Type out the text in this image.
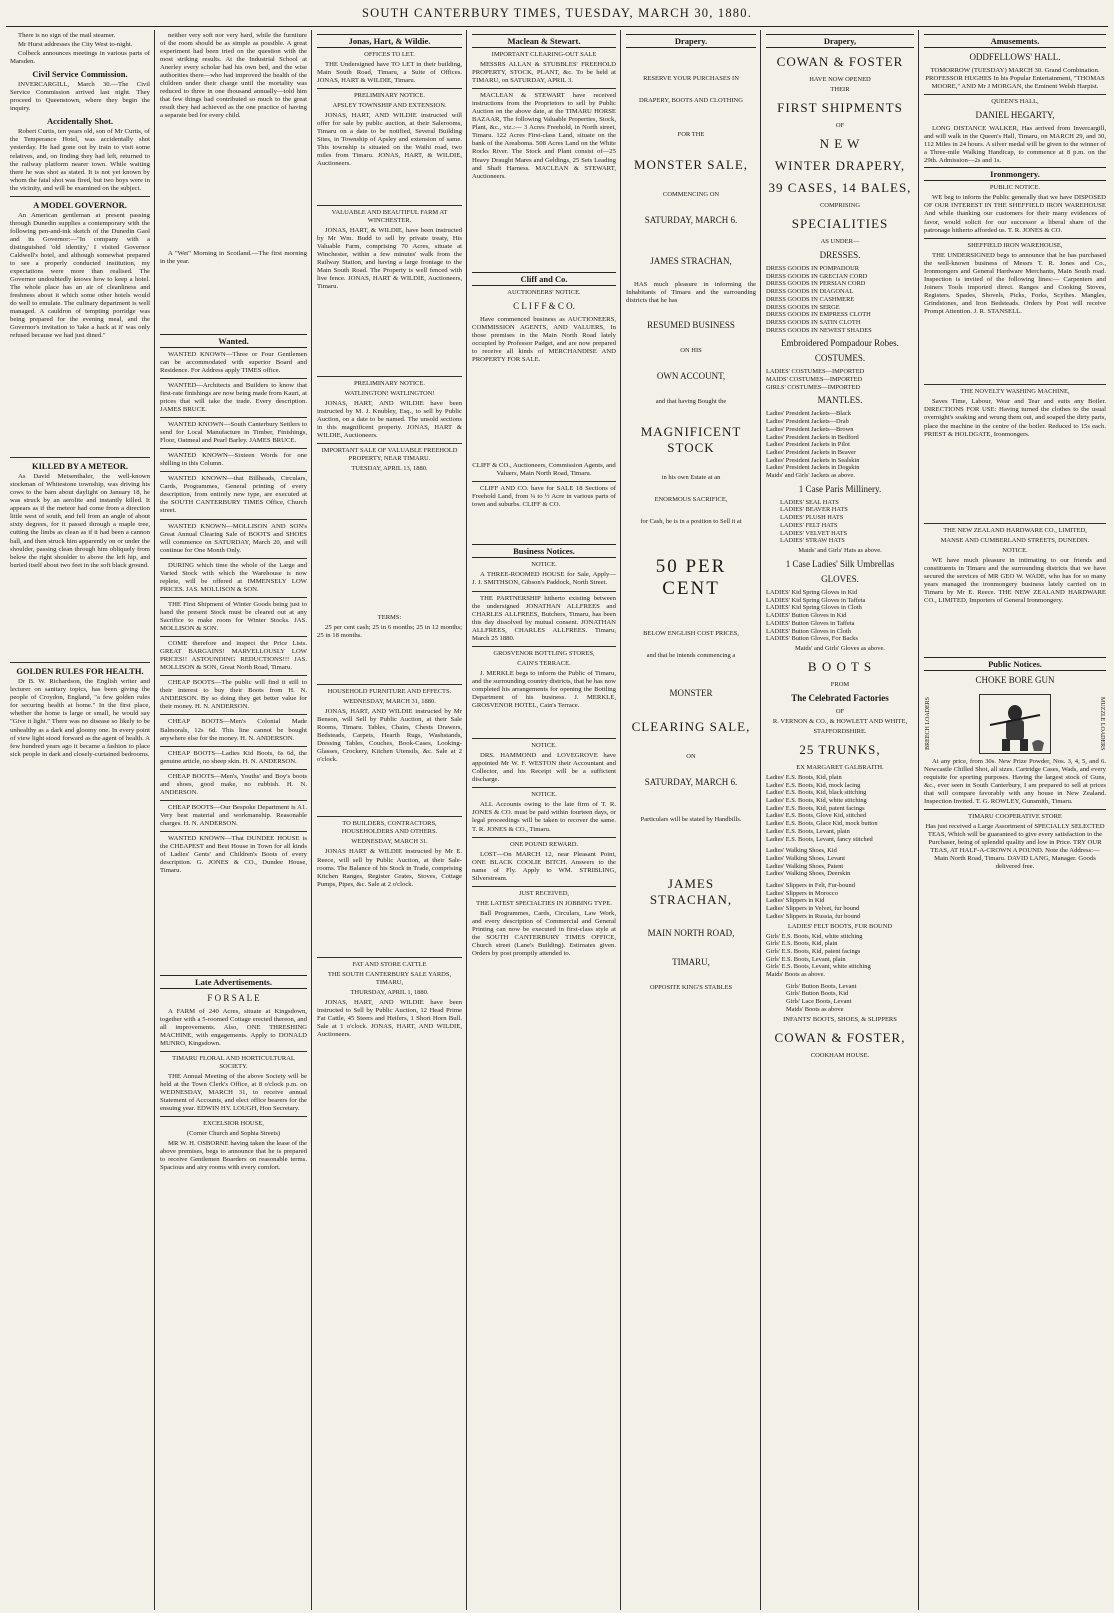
SOUTH CANTERBURY TIMES, TUESDAY, MARCH 30, 1880.

There is no sign of the mail steamer.

Mr Hurst addresses the City West to-night.

Colbeck announces meetings in various parts of Marsden.

Civil Service Commission.

INVERCARGILL, March 30.—The Civil Service Commission arrived last night. They proceed to Queenstown, where they begin the inquiry.

Accidentally Shot.

Robert Curtis, ten years old, son of Mr Curtis, of the Temperance Hotel, was accidentally shot yesterday. He had gone out by train to visit some relatives, and, on finding they had left, returned to the railway platform nearer town. While waiting there he was shot as stated. It is not yet known by whom the fatal shot was fired, but two boys were in the vicinity, and will be examined on the subject.

A MODEL GOVERNOR.

An American gentleman at present passing through Dunedin supplies a contemporary with the following pen-and-ink sketch of the Dunedin Gaol and its Governor:—"In company with a distinguished 'old identity,' I visited Governor Caldwell's hotel, and although somewhat prepared to see a properly conducted institution, my expectations were more than realised. The Governor undoubtedly knows how to keep a hotel. The whole place has an air of cleanliness and freshness about it which some other hotels would do well to emulate. The culinary department is well managed. A cauldron of tempting porridge was being prepared for the evening meal, and the Governor's invitation to 'take a hack at it' was only refused because we had just dined."

KILLED BY A METEOR.

As David Meisenthaler, the well-known stockman of Whitestone township, was driving his cows to the barn about daylight on January 18, he was struck by an aerolite and instantly killed. It appears as if the meteor had come from a direction little west of south, and fell from an angle of about sixty degrees, for it passed through a maple tree, cutting the limbs as clean as if it had been a cannon ball, and then struck him apparently on or under the shoulder, passing clean through him obliquely from below the right shoulder to above the left hip, and buried itself about two feet in the soft black ground.

GOLDEN RULES FOR HEALTH.

Dr B. W. Richardson, the English writer and lecturer on sanitary topics, has been giving the people of Croydon, England, "a few golden rules for securing health at home." In the first place, whether the home is large or small, he would say "Give it light." There was no disease so likely to be unhealthy as a dark and gloomy one. In every point of view light stood forward as the agent of health. A few hundred years ago it became a fashion to place sick people in dark and closely-curtained bedrooms.

neither very soft nor very hard, while the furniture of the room should be as simple as possible. A great experiment had been tried on the question with the most striking results. At the Industrial School at Anerley every scholar had his own bed, and the wise authorities there—who had improved the health of the children under their charge until the mortality was reduced to three in one thousand annually—told him that few things had contributed so much to the great result they had achieved as the one practice of having a separate bed for every child.

A "Wet" Morning in Scotland.—The first morning in the year.

Wanted.

WANTED KNOWN—Three or Four Gentlemen can be accommodated with superior Board and Residence. For Address apply TIMES office.

WANTED—Architects and Builders to know that first-rate finishings are now being made from Kauri, at prices that will take the trade. Every description. JAMES BRUCE.

WANTED KNOWN—South Canterbury Settlers to send for Local Manufacture in Timber, Finishings, Floor, Oatmeal and Pearl Barley. JAMES BRUCE.

WANTED KNOWN—Sixteen Words for one shilling in this Column.

WANTED KNOWN—that Billheads, Circulars, Cards, Programmes, General printing of every description, from entirely new type, are executed at the SOUTH CANTERBURY TIMES Office, Church street.

WANTED KNOWN—MOLLISON AND SON's Great Annual Clearing Sale of BOOTS and SHOES will commence on SATURDAY, March 20, and will continue for One Month Only.

DURING which time the whole of the Large and Varied Stock with which the Warehouse is now replete, will be offered at IMMENSELY LOW PRICES. JAS. MOLLISON & SON.

THE First Shipment of Winter Goods being just to hand the present Stock must be cleared out at any Sacrifice to make room for Winter Stocks. JAS. MOLLISON & SON.

COME therefore and inspect the Price Lists. GREAT BARGAINS! MARVELLOUSLY LOW PRICES!! ASTOUNDING REDUCTIONS!!! JAS. MOLLISON & SON, Great North Road, Timaru.

CHEAP BOOTS—The public will find it still to their interest to buy their Boots from H. N. ANDERSON. By so doing they get better value for their money. H. N. ANDERSON.

CHEAP BOOTS—Men's Colonial Made Balmorals, 12s 6d. This line cannot be bought anywhere else for the money. H. N. ANDERSON.

CHEAP BOOTS—Ladies Kid Boots, 6s 6d, the genuine article, no sheep skin. H. N. ANDERSON.

CHEAP BOOTS—Men's, Youths' and Boy's boots and shoes, good make, no rubbish. H. N. ANDERSON.

CHEAP BOOTS—Our Bespoke Department is A1. Very best material and workmanship. Reasonable charges. H. N. ANDERSON.

WANTED KNOWN—That DUNDEE HOUSE is the CHEAPEST and Best House in Town for all kinds of Ladies' Gents' and Children's Boots of every description. G. JONES & CO., Dundee House, Timaru.

Late Advertisements.
F O R S A L E

A FARM of 240 Acres, situate at Kingsdown, together with a 5-roomed Cottage erected thereon, and all improvements. Also, ONE THRESHING MACHINE, with engagements. Apply to DONALD MUNRO, Kingsdown.

TIMARU FLORAL AND HORTICULTURAL SOCIETY.

THE Annual Meeting of the above Society will be held at the Town Clerk's Office, at 8 o'clock p.m. on WEDNESDAY, MARCH 31, to receive annual Statement of Accounts, and elect office bearers for the ensuing year. EDWIN HY. LOUGH, Hon Secretary.

EXCELSIOR HOUSE,
(Corner Church and Sophia Streets)

MR W. H. OSBORNE having taken the lease of the above premises, begs to announce that he is prepared to receive Gentlemen Boarders on reasonable terms. Spacious and airy rooms with every comfort.

Jonas, Hart, & Wildie.
OFFICES TO LET.

THE Undersigned have TO LET in their building, Main South Road, Timaru, a Suite of Offices. JONAS, HART & WILDIE, Timaru.

PRELIMINARY NOTICE.
APSLEY TOWNSHIP AND EXTENSION.

JONAS, HART, AND WILDIE instructed will offer for sale by public auction, at their Salerooms, Timaru on a date to be notified, Several Building Sites, in Township of Apsley and extension of same. This township is situated on the Waihi road, two miles from Timaru. JONAS, HART, & WILDIE, Auctioneers.

VALUABLE AND BEAUTIFUL FARM AT WINCHESTER.

JONAS, HART, & WILDIE, have been instructed by Mr Wm. Budd to sell by private treaty, His Valuable Farm, comprising 70 Acres, situate at Winchester, within a few minutes' walk from the Railway Station, and having a large frontage to the Main South Road. The Property is well fenced with live fence. JONAS, HART & WILDIE, Auctioneers, Timaru.

PRELIMINARY NOTICE.
WATLINGTON! WATLINGTON!

JONAS, HART, AND WILDIE have been instructed by M. J. Knubley, Esq., to sell by Public Auction, on a date to be named. The unsold sections in this magnificent property. JONAS, HART & WILDIE, Auctioneers.

IMPORTANT SALE OF VALUABLE FREEHOLD PROPERTY, NEAR TIMARU.
TUESDAY, APRIL 13, 1880.
TERMS:

25 per cent cash; 25 in 6 months; 25 in 12 months; 25 in 18 months.

HOUSEHOLD FURNITURE AND EFFECTS.
WEDNESDAY, MARCH 31, 1880.

JONAS, HART, AND WILDIE instructed by Mr Benson, will Sell by Public Auction, at their Sale Rooms, Timaru. Tables, Chairs, Chests Drawers, Bedsteads, Carpets, Hearth Rugs, Washstands, Dressing Tables, Couches, Book-Cases, Looking-Glasses, Crockery, Kitchen Utensils, &c. Sale at 2 o'clock.

TO BUILDERS, CONTRACTORS, HOUSEHOLDERS AND OTHERS.
WEDNESDAY, MARCH 31.

JONAS HART & WILDIE instructed by Mr E. Reece, will sell by Public Auction, at their Sale-rooms. The Balance of his Stock in Trade, comprising Kitchen Ranges, Register Grates, Stoves, Cottage Pumps, Pipes, &c. Sale at 2 o'clock.

FAT AND STORE CATTLE
THE SOUTH CANTERBURY SALE YARDS, TIMARU,
THURSDAY, APRIL 1, 1880.

JONAS, HART, AND WILDIE have been instructed to Sell by Public Auction, 12 Head Prime Fat Cattle, 45 Steers and Heifers, 1 Short Horn Bull. Sale at 1 o'clock. JONAS, HART, AND WILDIE, Auctioneers.

Maclean & Stewart.
IMPORTANT CLEARING-OUT SALE

MESSRS ALLAN & STUBBLES' FREEHOLD PROPERTY, STOCK, PLANT, &c. To be held at TIMARU, on SATURDAY, APRIL 3.

MACLEAN & STEWART have received instructions from the Proprietors to sell by Public Auction on the above date, at the TIMARU HORSE BAZAAR, The following Valuable Properties, Stock, Plant, &c., viz.:— 3 Acres Freehold, in North street, Timaru. 122 Acres First-class Land, situate on the bank of the Areaboma. 508 Acres Land on the White Rocks River. The Stock and Plant consist of—25 Heavy Draught Mares and Geldings, 25 Sets Leading and Shaft Harness. MACLEAN & STEWART, Auctioneers.

Cliff and Co.
AUCTIONEERS' NOTICE.
C L I F F & C O.

Have commenced business as AUCTIONEERS, COMMISSION AGENTS, AND VALUERS, In those premises in the Main North Road lately occupied by Professor Padget, and are now prepared to receive all kinds of MERCHANDISE AND PROPERTY FOR SALE.

CLIFF & CO., Auctioneers, Commission Agents, and Valuers, Main North Road, Timaru.

CLIFF AND CO. have for SALE 18 Sections of Freehold Land, from ¼ to ½ Acre in various parts of town and suburbs. CLIFF & CO.

Business Notices.
NOTICE.

A THREE-ROOMED HOUSE for Sale, Apply— J. J. SMITHSON, Gibson's Paddock, North Street.

THE PARTNERSHIP hitherto existing between the undersigned JONATHAN ALLFREES and CHARLES ALLFREES, Butchers, Timaru, has been this day dissolved by mutual consent. JONATHAN ALLFREES, CHARLES ALLFREES. Timaru, March 25 1880.

GROSVENOR BOTTLING STORES,
CAIN'S TERRACE.

J. MERKLE begs to inform the Public of Timaru, and the surrounding country districts, that he has now completed his arrangements for opening the Bottling Department of his business. J. MERKLE, GROSVENOR HOTEL, Cain's Terrace.

NOTICE.

DRS. HAMMOND and LOVEGROVE have appointed Mr W. F. WESTON their Accountant and Collector, and his Receipt will be a sufficient discharge.

NOTICE.

ALL Accounts owing to the late firm of T. R. JONES & CO. must be paid within fourteen days, or legal proceedings will be taken to recover the same. T. R. JONES & CO., Timaru.

ONE POUND REWARD.

LOST—On MARCH 12, near Pleasant Point, ONE BLACK COOLIE BITCH. Answers to the name of Fly. Apply to WM. STRIBLING, Silverstream.

JUST RECEIVED,
THE LATEST SPECIALTIES IN JOBBING TYPE.

Ball Programmes, Cards, Circulars, Law Work, and every description of Commercial and General Printing can now be executed in first-class style at the SOUTH CANTERBURY TIMES OFFICE, Church street (Lane's Building). Estimates given. Orders by post promptly attended to.

Drapery.
RESERVE YOUR PURCHASES IN
DRAPERY, BOOTS AND CLOTHING
FOR THE
MONSTER SALE,
COMMENCING ON
SATURDAY, MARCH 6.
JAMES STRACHAN,

HAS much pleasure in informing the Inhabitants of Timaru and the surrounding districts that he has

RESUMED BUSINESS
ON HIS
OWN ACCOUNT,
and that having Bought the
MAGNIFICENT STOCK
in his own Estate at an
ENORMOUS SACRIFICE,
for Cash, he is in a position to Sell it at
50 PER CENT
BELOW ENGLISH COST PRICES,
and that he intends commencing a
MONSTER
CLEARING SALE,
ON
SATURDAY, MARCH 6.
Particulars will be stated by Handbills.
JAMES STRACHAN,
MAIN NORTH ROAD,
TIMARU,
OPPOSITE KING'S STABLES
Drapery,
COWAN & FOSTER
HAVE NOW OPENED
THEIR
FIRST SHIPMENTS
OF
N E W
WINTER DRAPERY,
39 CASES, 14 BALES,
COMPRISING
SPECIALITIES
AS UNDER—
DRESSES.
DRESS GOODS IN POMPADOUR
DRESS GOODS IN GRECIAN CORD
DRESS GOODS IN PERSIAN CORD
DRESS GOODS IN DIAGONAL
DRESS GOODS IN CASHMERE
DRESS GOODS IN SERGE
DRESS GOODS IN EMPRESS CLOTH
DRESS GOODS IN SATIN CLOTH
DRESS GOODS IN NEWEST SHADES
Embroidered Pompadour Robes.
COSTUMES.
LADIES' COSTUMES—IMPORTED
MAIDS' COSTUMES—IMPORTED
GIRLS' COSTUMES—IMPORTED
MANTLES.
Ladies' President Jackets—Black
Ladies' President Jackets—Drab
Ladies' President Jackets—Brown
Ladies' President Jackets in Bedford
Ladies' President Jackets in Pilot
Ladies' President Jackets in Beaver
Ladies' President Jackets in Sealskin
Ladies' President Jackets in Dogskin
Maids' and Girls' Jackets as above.
1 Case Paris Millinery.
LADIES' SEAL HATS
LADIES' BEAVER HATS
LADIES' PLUSH HATS
LADIES' FELT HATS
LADIES' VELVET HATS
LADIES' STRAW HATS
Maids' and Girls' Hats as above.
1 Case Ladies' Silk Umbrellas
GLOVES.
LADIES' Kid Spring Gloves in Kid
LADIES' Kid Spring Gloves in Taffeta
LADIES' Kid Spring Gloves in Cloth
LADIES' Button Gloves in Kid
LADIES' Button Gloves in Taffeta
LADIES' Button Gloves in Cloth
LADIES' Button Gloves, For Backs
Maids' and Girls' Gloves as above.
B O O T S
FROM
The Celebrated Factories
OF
R. VERNON & CO., & HOWLETT AND WHITE,
STAFFORDSHIRE.
25 TRUNKS,
EX MARGARET GALBRAITH.
Ladies' E.S. Boots, Kid, plain
Ladies' E.S. Boots, Kid, mock lacing
Ladies' E.S. Boots, Kid, black stitching
Ladies' E.S. Boots, Kid, white stitching
Ladies' E.S. Boots, Kid, patent facings
Ladies' E.S. Boots, Glove Kid, stitched
Ladies' E.S. Boots, Glace Kid, mock button
Ladies' E.S. Boots, Levant, plain
Ladies' E.S. Boots, Levant, fancy stitched
Ladies' Walking Shoes, Kid
Ladies' Walking Shoes, Levant
Ladies' Walking Shoes, Patent
Ladies' Walking Shoes, Deerskin
Ladies' Slippers in Felt, Fur-bound
Ladies' Slippers in Morocco
Ladies' Slippers in Kid
Ladies' Slippers in Velvet, fur bound
Ladies' Slippers in Russia, fur bound
LADIES' FELT BOOTS, FUR BOUND
Girls' E.S. Boots, Kid, white stitching
Girls' E.S. Boots, Kid, plain
Girls' E.S. Boots, Kid, patent facings
Girls' E.S. Boots, Levant, plain
Girls' E.S. Boots, Levant, white stitching
Maids' Boots as above.
Girls' Button Boots, Levant
Girls' Button Boots, Kid
Girls' Lace Boots, Levant
Maids' Boots as above
INFANTS' BOOTS, SHOES, & SLIPPERS
COWAN & FOSTER,
COOKHAM HOUSE.
Amusements.
ODDFELLOWS' HALL.

TOMORROW (TUESDAY) MARCH 30. Grand Combination. PROFESSOR HUGHES In his Popular Entertainment, "THOMAS MOORE," AND Mr J MORGAN, the Eminent Welsh Harpist.

QUEEN'S HALL,
DANIEL HEGARTY,

LONG DISTANCE WALKER, Has arrived from Invercargill, and will walk in the Queen's Hall, Timaru, on MARCH 29, and 30, 112 Miles in 24 hours. A silver medal will be given to the winner of a Three-mile Walking Handicap, to commence at 8 p.m. on the 29th. Admission—2s and 1s.

Ironmongery.
PUBLIC NOTICE.

WE beg to inform the Public generally that we have DISPOSED OF OUR INTEREST IN THE SHEFFIELD IRON WAREHOUSE And while thanking our customers for their many evidences of favor, would solicit for our successor a liberal share of the patronage hitherto afforded us. T. R. JONES & CO.

SHEFFIELD IRON WAREHOUSE,

THE UNDERSIGNED begs to announce that he has purchased the well-known business of Messrs T. R. Jones and Co., Ironmongers and General Hardware Merchants, Main South road. Inspection is invited of the following lines:— Carpenters and Joiners Tools imported direct. Ranges and Cooking Stoves, Registers. Spades, Shovels, Picks, Forks, Scythes. Mangles, Grindstones, and Iron Bedsteads. Orders by Post will receive Prompt Attention. J. R. STANSELL.

THE NOVELTY WASHING MACHINE,

Saves Time, Labour, Wear and Tear and suits any Boiler. DIRECTIONS FOR USE: Having turned the clothes to the usual overnight's soaking and wrung them out, and soaped the dirty parts, place the machine in the centre of the boiler. Reduced to 15s each. PRIEST & HOLDGATE, Ironmongers.

THE NEW ZEALAND HARDWARE CO., LIMITED,
MANSE AND CUMBERLAND STREETS, DUNEDIN.
NOTICE.

WE have much pleasure in intimating to our friends and constituents in Timaru and the surrounding districts that we have secured the services of MR GEO W. WADE, who has for so many years managed the ironmongery business lately carried on in Timaru by Mr E. Reece. THE NEW ZEALAND HARDWARE CO., LIMITED, Importers of General Ironmongery.

Public Notices.
CHOKE BORE GUN
BREECH LOADERS	MUZZLE LOADERS

At any price, from 30s. New Prize Powder, Nos. 3, 4, 5, and 6. Newcastle Chilled Shot, all sizes. Cartridge Cases, Wads, and every requisite for sporting purposes. Having the largest stock of Guns, &c., ever seen in South Canterbury, I am prepared to sell at prices that will compare favorably with any house in New Zealand. Inspection Invited. T. G. ROWLEY, Gunsmith, Timaru.

TIMARU COOPERATIVE STORE

Has just received a Large Assortment of SPECIALLY SELECTED TEAS, Which will be guaranteed to give every satisfaction to the Purchaser, being of splendid quality and low in Price. TRY OUR TEAS, AT HALF-A-CROWN A POUND. Note the Address:— Main North Road, Timaru. DAVID LANG, Manager. Goods delivered free.
